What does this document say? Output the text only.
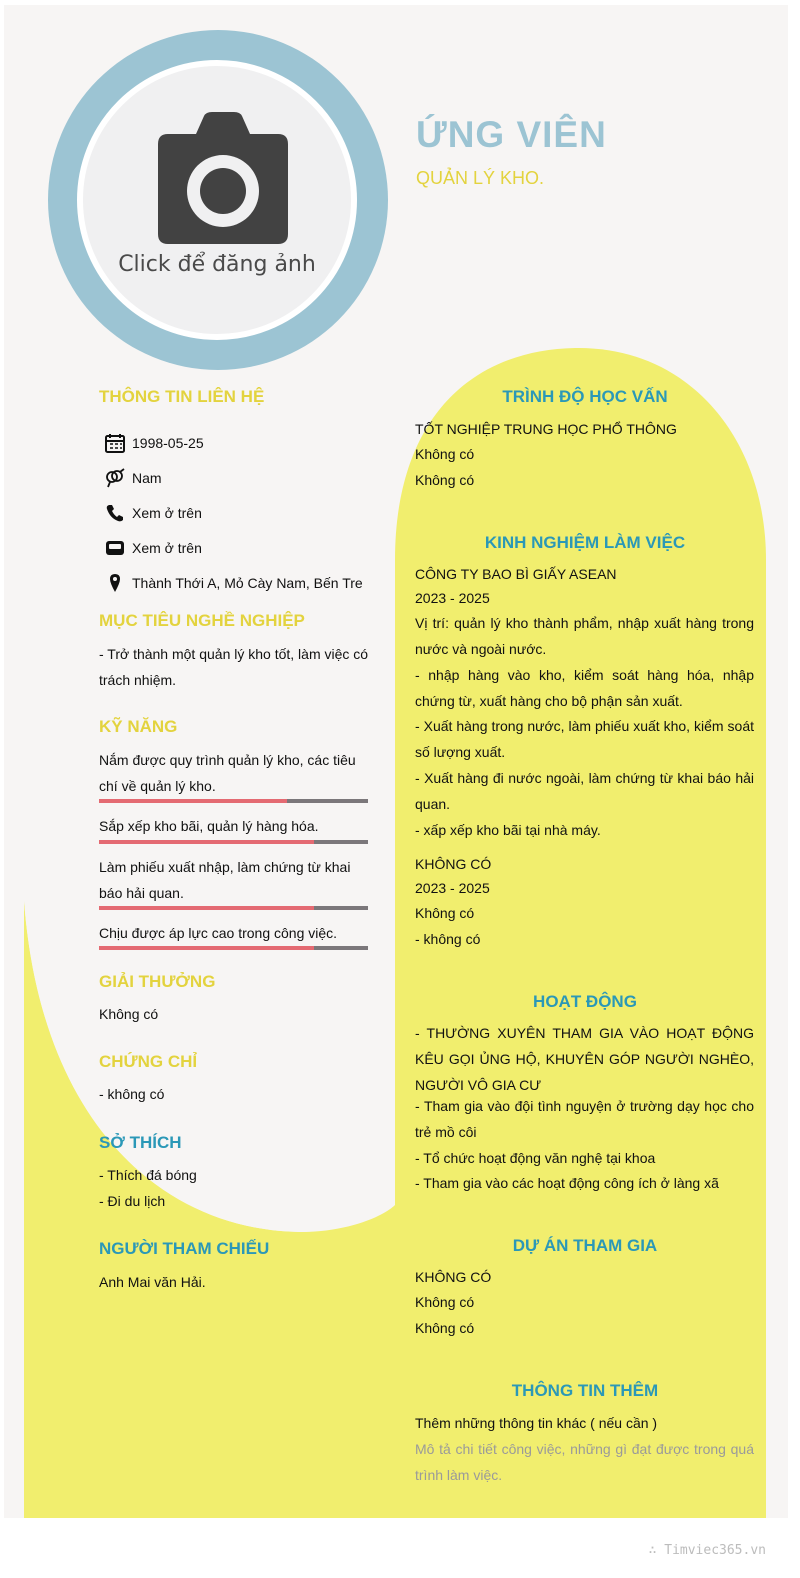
Click để đăng ảnh
ỨNG VIÊN
QUẢN LÝ KHO.
THÔNG TIN LIÊN HỆ
1998-05-25
Nam
Xem ở trên
Xem ở trên
Thành Thới A, Mỏ Cày Nam, Bến Tre
MỤC TIÊU NGHỀ NGHIỆP
- Trở thành một quản lý kho tốt, làm việc có trách nhiệm.
KỸ NĂNG
Nắm được quy trình quản lý kho, các tiêu chí về quản lý kho.
Sắp xếp kho bãi, quản lý hàng hóa.
Làm phiếu xuất nhập, làm chứng từ khai báo hải quan.
Chịu được áp lực cao trong công việc.
GIẢI THƯỞNG
Không có
CHỨNG CHỈ
- không có
SỞ THÍCH
- Thích đá bóng
- Đi du lịch
NGƯỜI THAM CHIẾU
Anh Mai văn Hải.
TRÌNH ĐỘ HỌC VẤN
TỐT NGHIỆP TRUNG HỌC PHỔ THÔNG
Không có
Không có
KINH NGHIỆM LÀM VIỆC
CÔNG TY BAO BÌ GIẤY ASEAN
2023 - 2025
Vị trí: quản lý kho thành phẩm, nhập xuất hàng trong nước và ngoài nước.
- nhập hàng vào kho, kiểm soát hàng hóa, nhập chứng từ, xuất hàng cho bộ phận sản xuất.
- Xuất hàng trong nước, làm phiếu xuất kho, kiểm soát số lượng xuất.
- Xuất hàng đi nước ngoài, làm chứng từ khai báo hải quan.
- xấp xếp kho bãi tại nhà máy.
KHÔNG CÓ
2023 - 2025
Không có
- không có
HOẠT ĐỘNG
- THƯỜNG XUYÊN THAM GIA VÀO HOẠT ĐỘNG KÊU GỌI ỦNG HỘ, KHUYÊN GÓP NGƯỜI NGHÈO, NGƯỜI VÔ GIA CƯ
- Tham gia vào đội tình nguyện ở trường dạy học cho trẻ mồ côi
- Tổ chức hoạt động văn nghệ tại khoa
- Tham gia vào các hoạt động công ích ở làng xã
DỰ ÁN THAM GIA
KHÔNG CÓ
Không có
Không có
THÔNG TIN THÊM
Thêm những thông tin khác ( nếu cần )
Mô tả chi tiết công việc, những gì đạt được trong quá trình làm việc.
∴ Timviec365.vn
